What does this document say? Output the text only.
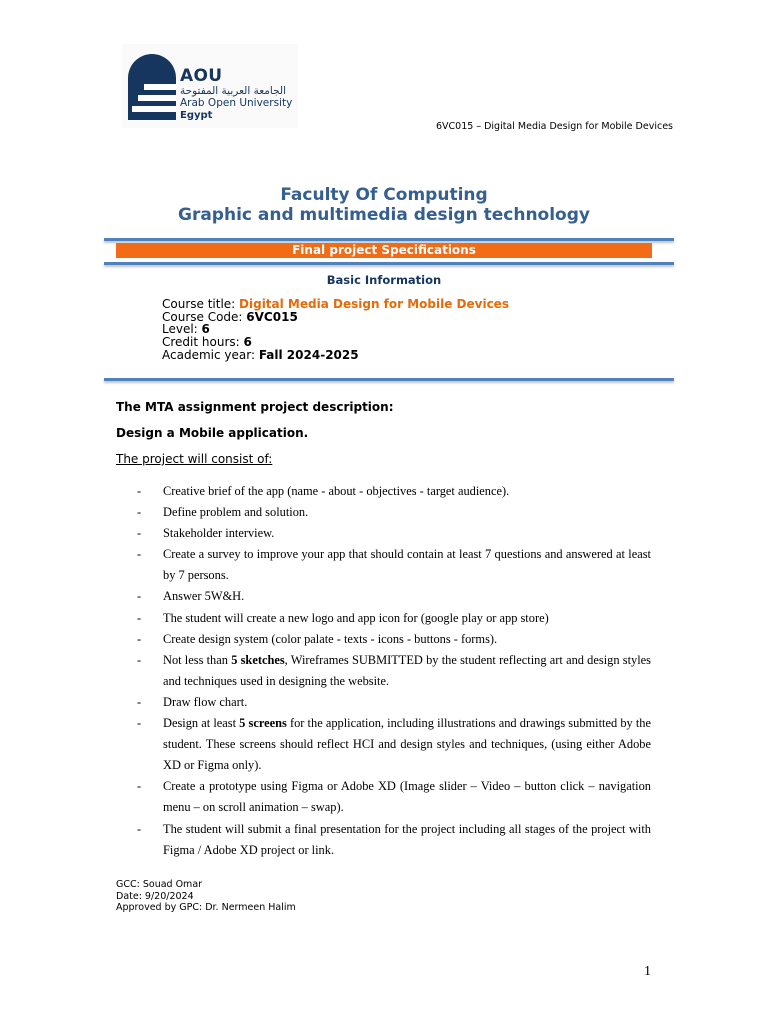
AOU
الجامعة العربية المفتوحة
Arab Open University
Egypt
6VC015 – Digital Media Design for Mobile Devices
Faculty Of Computing
Graphic and multimedia design technology
Final project Specifications
Basic Information
Course title: Digital Media Design for Mobile Devices
Course Code: 6VC015
Level: 6
Credit hours: 6
Academic year: Fall 2024-2025
The MTA assignment project description:
Design a Mobile application.
The project will consist of:
- Creative brief of the app (name - about - objectives - target audience).
- Define problem and solution.
- Stakeholder interview.
- Create a survey to improve your app that should contain at least 7 questions and answered at least by 7 persons.
- Answer 5W&H.
- The student will create a new logo and app icon for (google play or app store)
- Create design system (color palate - texts - icons - buttons - forms).
- Not less than 5 sketches, Wireframes SUBMITTED by the student reflecting art and design styles and techniques used in designing the website.
- Draw flow chart.
- Design at least 5 screens for the application, including illustrations and drawings submitted by the student. These screens should reflect HCI and design styles and techniques, (using either Adobe XD or Figma only).
- Create a prototype using Figma or Adobe XD (Image slider – Video – button click – navigation menu – on scroll animation – swap).
- The student will submit a final presentation for the project including all stages of the project with Figma / Adobe XD project or link.
GCC: Souad Omar
Date: 9/20/2024
Approved by GPC: Dr. Nermeen Halim
1
